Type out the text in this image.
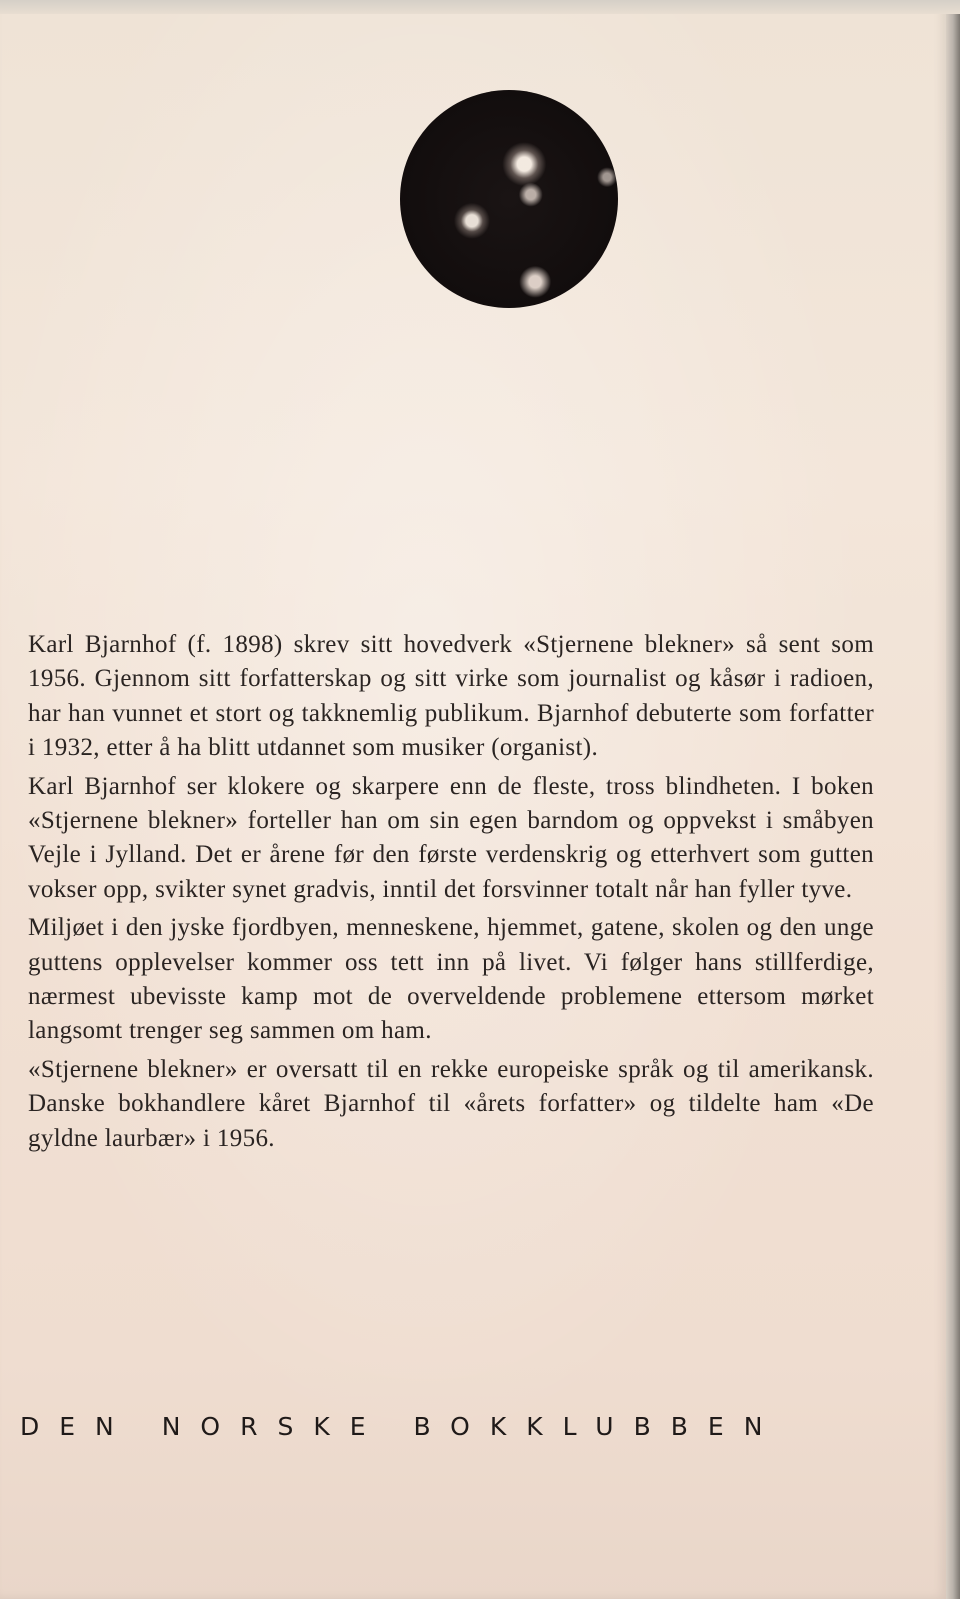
Karl Bjarnhof (f. 1898) skrev sitt hovedverk «Stjernene blekner» så sent som 1956. Gjennom sitt forfatterskap og sitt virke som journalist og kåsør i radioen, har han vunnet et stort og takknemlig publikum. Bjarnhof debuterte som forfatter i 1932, etter å ha blitt utdannet som musiker (organist).

Karl Bjarnhof ser klokere og skarpere enn de fleste, tross blindheten. I boken «Stjernene blekner» forteller han om sin egen barndom og oppvekst i småbyen Vejle i Jylland. Det er årene før den første verdenskrig og etterhvert som gutten vokser opp, svikter synet gradvis, inntil det forsvinner totalt når han fyller tyve.

Miljøet i den jyske fjordbyen, menneskene, hjemmet, gatene, skolen og den unge guttens opplevelser kommer oss tett inn på livet. Vi følger hans stillferdige, nærmest ubevisste kamp mot de overveldende problemene ettersom mørket langsomt trenger seg sammen om ham.

«Stjernene blekner» er oversatt til en rekke europeiske språk og til amerikansk. Danske bokhandlere kåret Bjarnhof til «årets forfatter» og tildelte ham «De gyldne laurbær» i 1956.

DEN NORSKE BOKKLUBBEN
